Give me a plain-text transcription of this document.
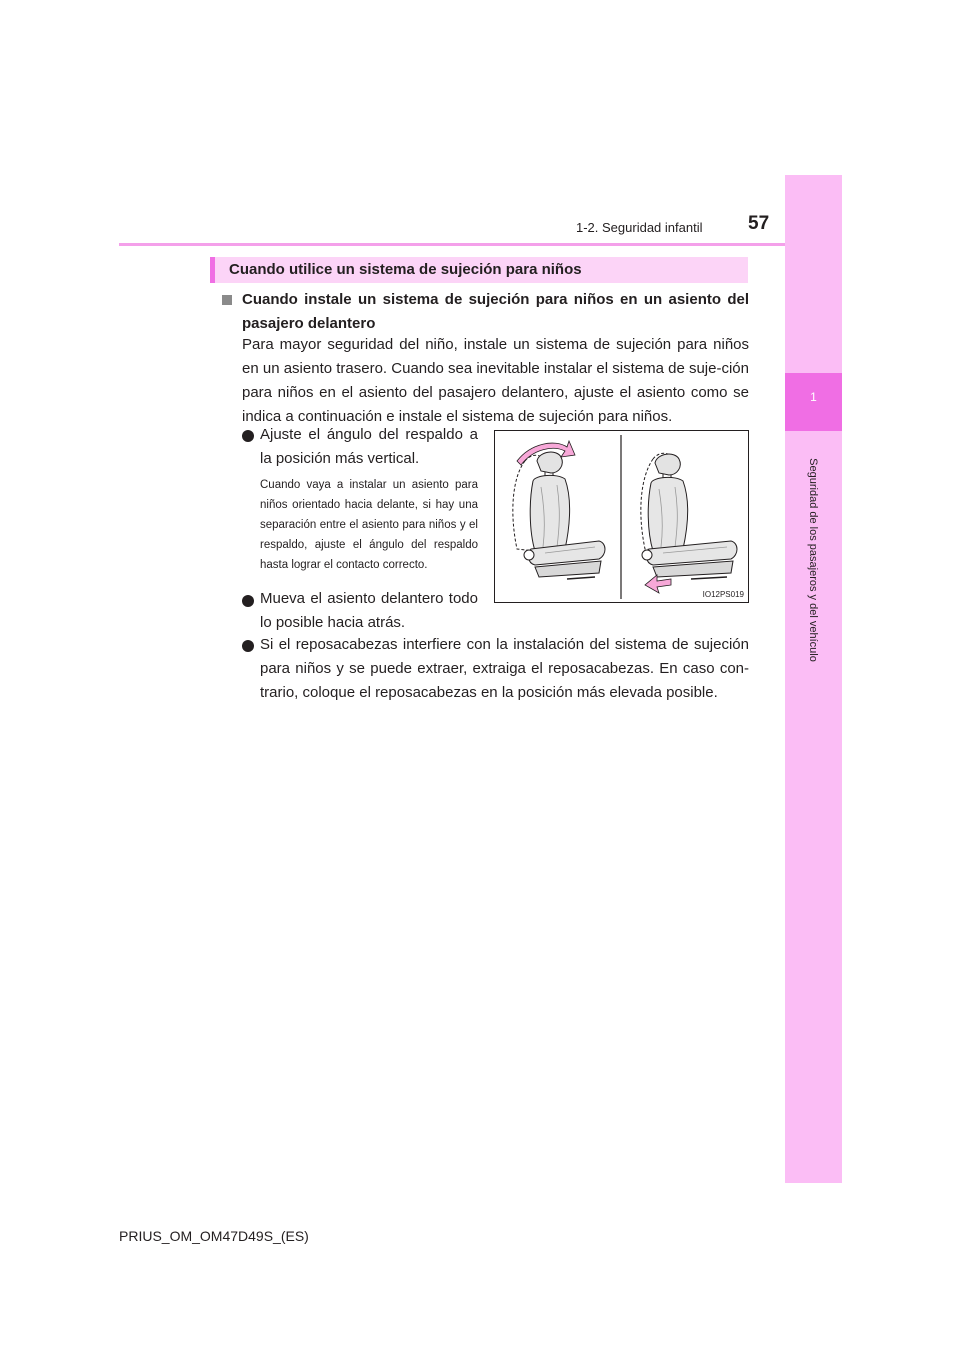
1
Seguridad de los pasajeros y del vehículo
1-2. Seguridad infantil 57
Cuando utilice un sistema de sujeción para niños
Cuando instale un sistema de sujeción para niños en un asiento del pasajero delantero
Para mayor seguridad del niño, instale un sistema de sujeción para niños en un asiento trasero. Cuando sea inevitable instalar el sistema de suje-ción para niños en el asiento del pasajero delantero, ajuste el asiento como se indica a continuación e instale el sistema de sujeción para niños.
Ajuste el ángulo del respaldo a la posición más vertical.
Cuando vaya a instalar un asiento para niños orientado hacia delante, si hay una separación entre el asiento para niños y el respaldo, ajuste el ángulo del respaldo hasta lograr el contacto correcto.
Mueva el asiento delantero todo lo posible hacia atrás.
Si el reposacabezas interfiere con la instalación del sistema de sujeción para niños y se puede extraer, extraiga el reposacabezas. En caso con-trario, coloque el reposacabezas en la posición más elevada posible.
IO12PS019
PRIUS_OM_OM47D49S_(ES)
